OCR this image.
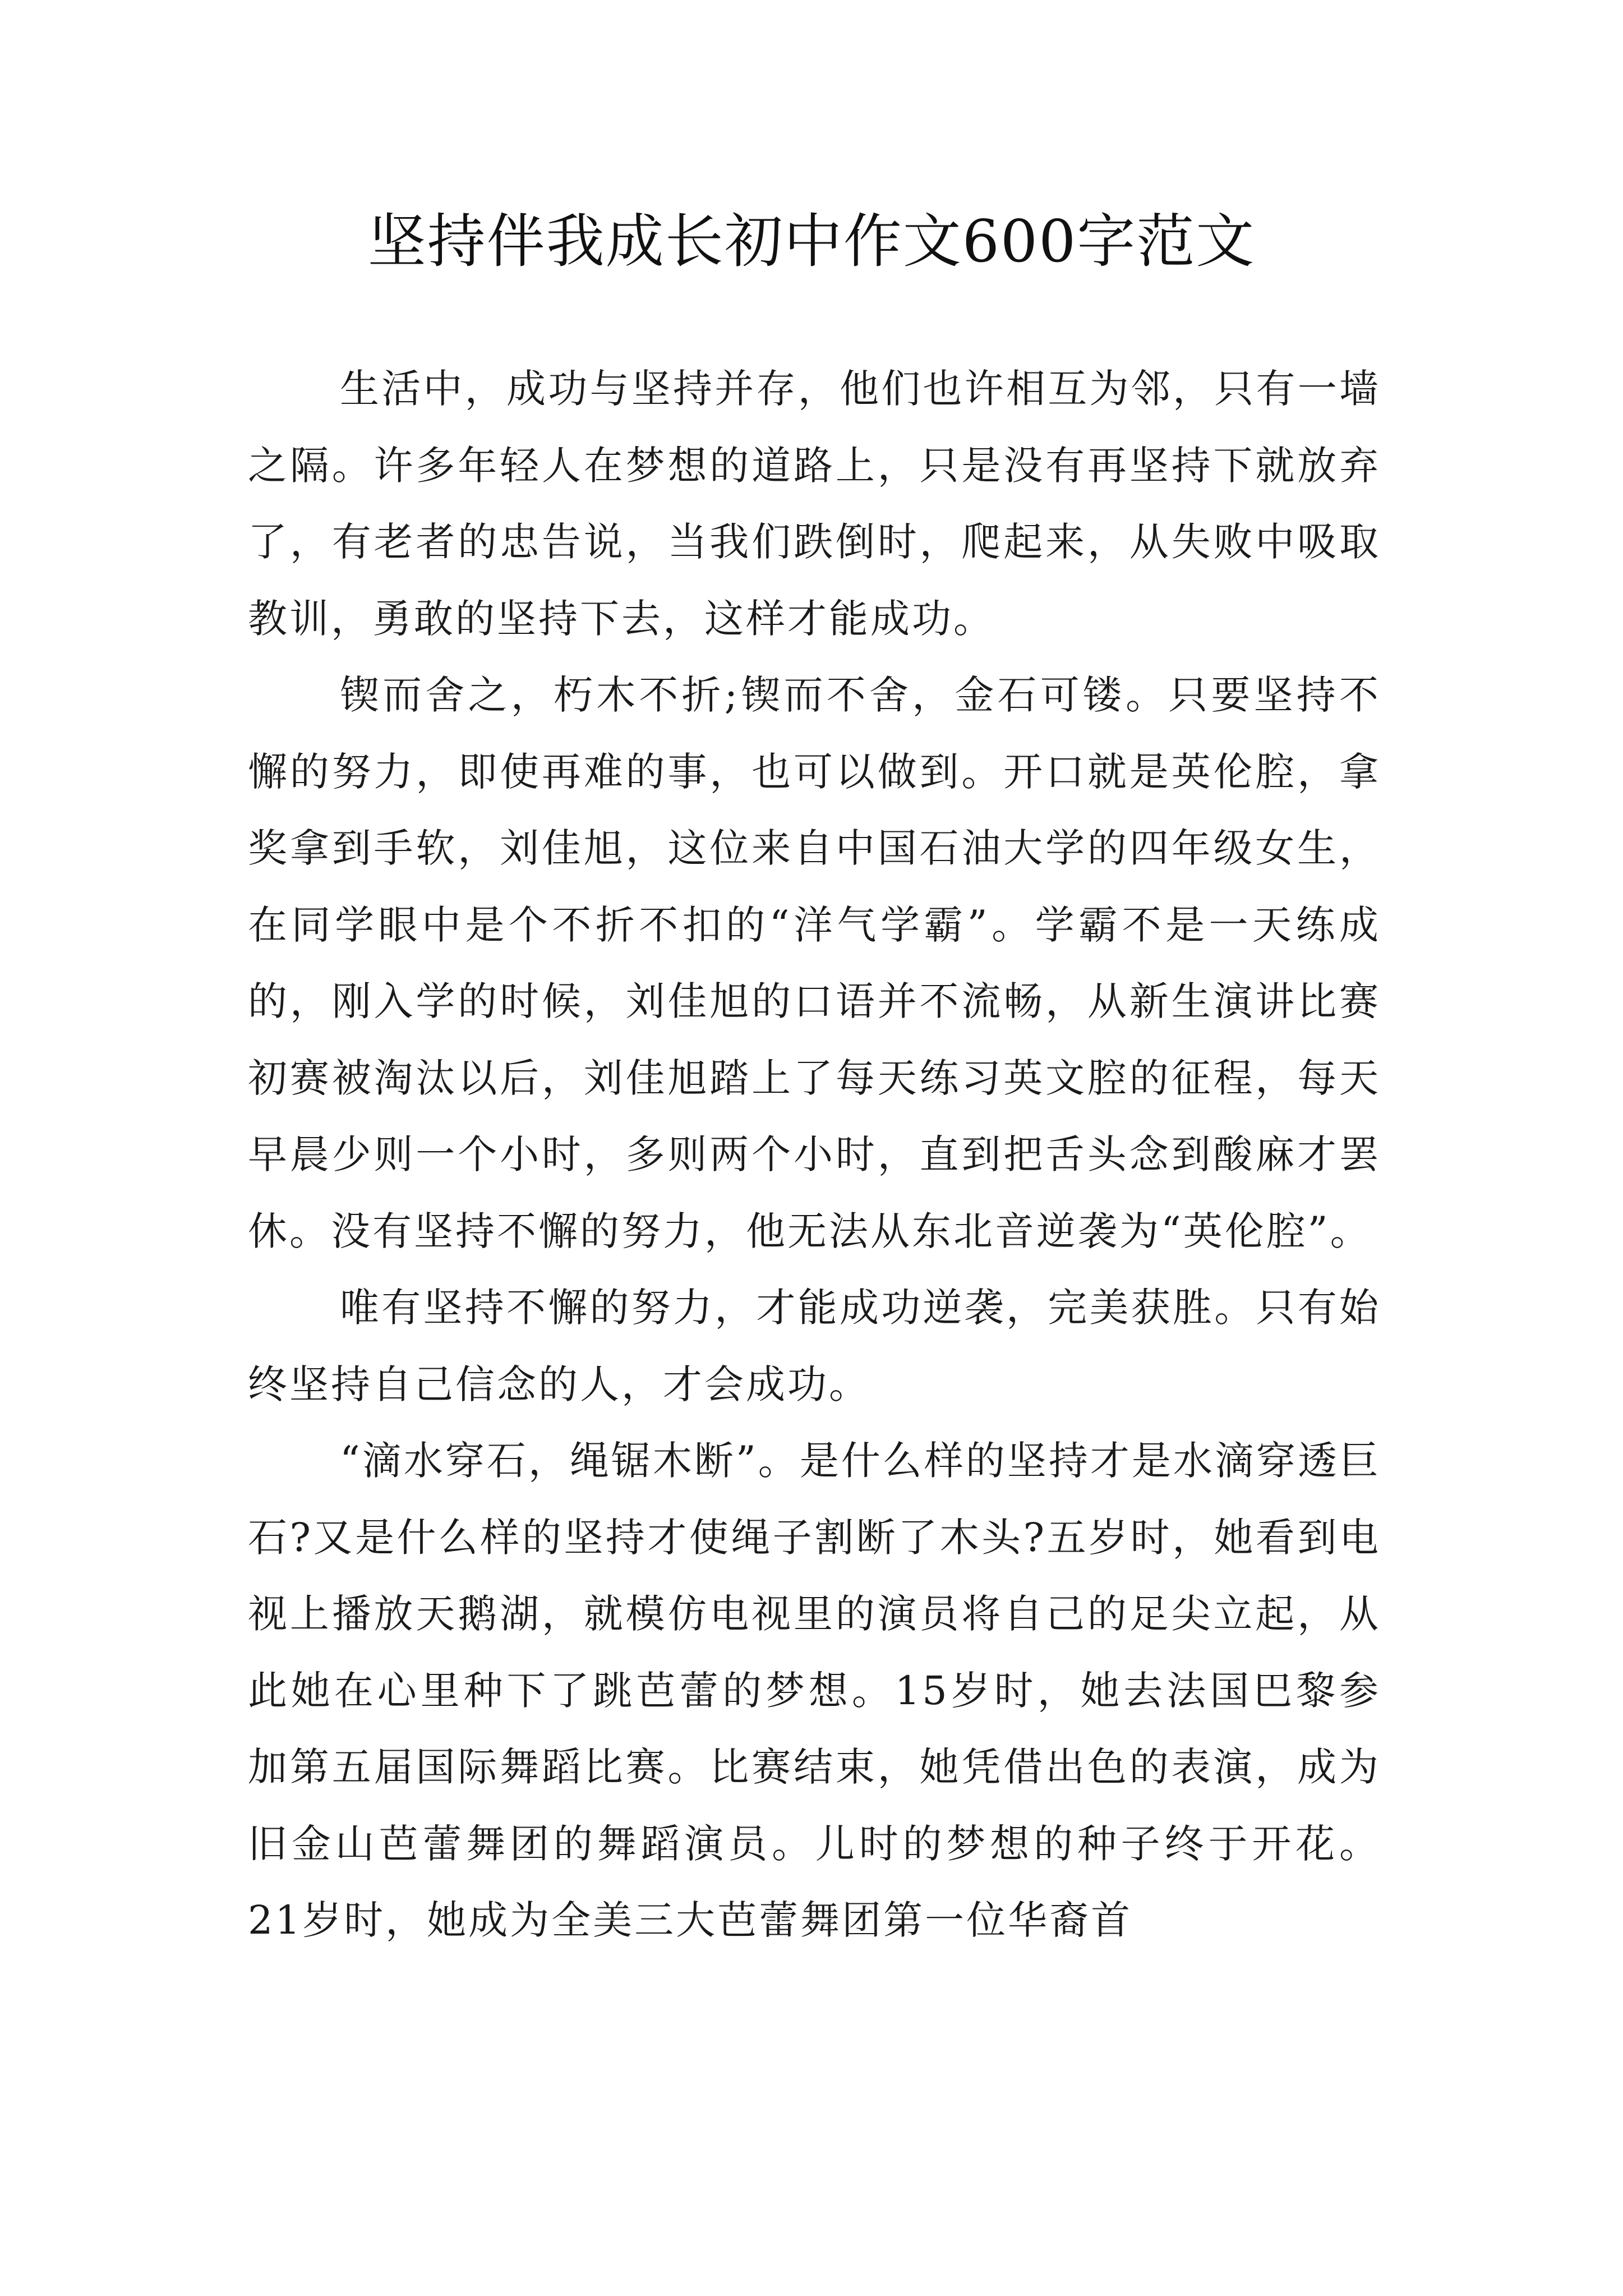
坚持伴我成长初中作文600字范文

生活中，成功与坚持并存，他们也许相互为邻，只有一墙之隔。许多年轻人在梦想的道路上，只是没有再坚持下就放弃了，有老者的忠告说，当我们跌倒时，爬起来，从失败中吸取教训，勇敢的坚持下去，这样才能成功。

锲而舍之，朽木不折;锲而不舍，金石可镂。只要坚持不懈的努力，即使再难的事，也可以做到。开口就是英伦腔，拿奖拿到手软，刘佳旭，这位来自中国石油大学的四年级女生，在同学眼中是个不折不扣的“洋气学霸”。学霸不是一天练成的，刚入学的时候，刘佳旭的口语并不流畅，从新生演讲比赛初赛被淘汰以后，刘佳旭踏上了每天练习英文腔的征程，每天早晨少则一个小时，多则两个小时，直到把舌头念到酸麻才罢休。没有坚持不懈的努力，他无法从东北音逆袭为“英伦腔”。

唯有坚持不懈的努力，才能成功逆袭，完美获胜。只有始终坚持自己信念的人，才会成功。

“滴水穿石，绳锯木断”。是什么样的坚持才是水滴穿透巨石?又是什么样的坚持才使绳子割断了木头?五岁时，她看到电视上播放天鹅湖，就模仿电视里的演员将自己的足尖立起，从此她在心里种下了跳芭蕾的梦想。15岁时，她去法国巴黎参加第五届国际舞蹈比赛。比赛结束，她凭借出色的表演，成为旧金山芭蕾舞团的舞蹈演员。儿时的梦想的种子终于开花。21岁时，她成为全美三大芭蕾舞团第一位华裔首
